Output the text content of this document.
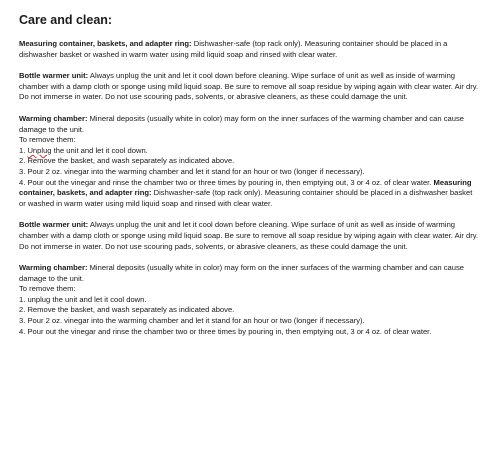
Care and clean:

Measuring container, baskets, and adapter ring: Dishwasher-safe (top rack only). Measuring container should be placed in a dishwasher basket or washed in warm water using mild liquid soap and rinsed with clear water.

Bottle warmer unit: Always unplug the unit and let it cool down before cleaning. Wipe surface of unit as well as inside of warming chamber with a damp cloth or sponge using mild liquid soap. Be sure to remove all soap residue by wiping again with clear water. Air dry. Do not immerse in water. Do not use scouring pads, solvents, or abrasive cleaners, as these could damage the unit.

Warming chamber: Mineral deposits (usually white in color) may form on the inner surfaces of the warming chamber and can cause damage to the unit.
To remove them:
1. Unplug the unit and let it cool down.
2. Remove the basket, and wash separately as indicated above.
3. Pour 2 oz. vinegar into the warming chamber and let it stand for an hour or two (longer if necessary).
4. Pour out the vinegar and rinse the chamber two or three times by pouring in, then emptying out, 3 or 4 oz. of clear water. Measuring container, baskets, and adapter ring: Dishwasher-safe (top rack only). Measuring container should be placed in a dishwasher basket or washed in warm water using mild liquid soap and rinsed with clear water.

Bottle warmer unit: Always unplug the unit and let it cool down before cleaning. Wipe surface of unit as well as inside of warming chamber with a damp cloth or sponge using mild liquid soap. Be sure to remove all soap residue by wiping again with clear water. Air dry. Do not immerse in water. Do not use scouring pads, solvents, or abrasive cleaners, as these could damage the unit.

Warming chamber: Mineral deposits (usually white in color) may form on the inner surfaces of the warming chamber and can cause damage to the unit.
To remove them:
1. unplug the unit and let it cool down.
2. Remove the basket, and wash separately as indicated above.
3. Pour 2 oz. vinegar into the warming chamber and let it stand for an hour or two (longer if necessary).
4. Pour out the vinegar and rinse the chamber two or three times by pouring in, then emptying out, 3 or 4 oz. of clear water.
